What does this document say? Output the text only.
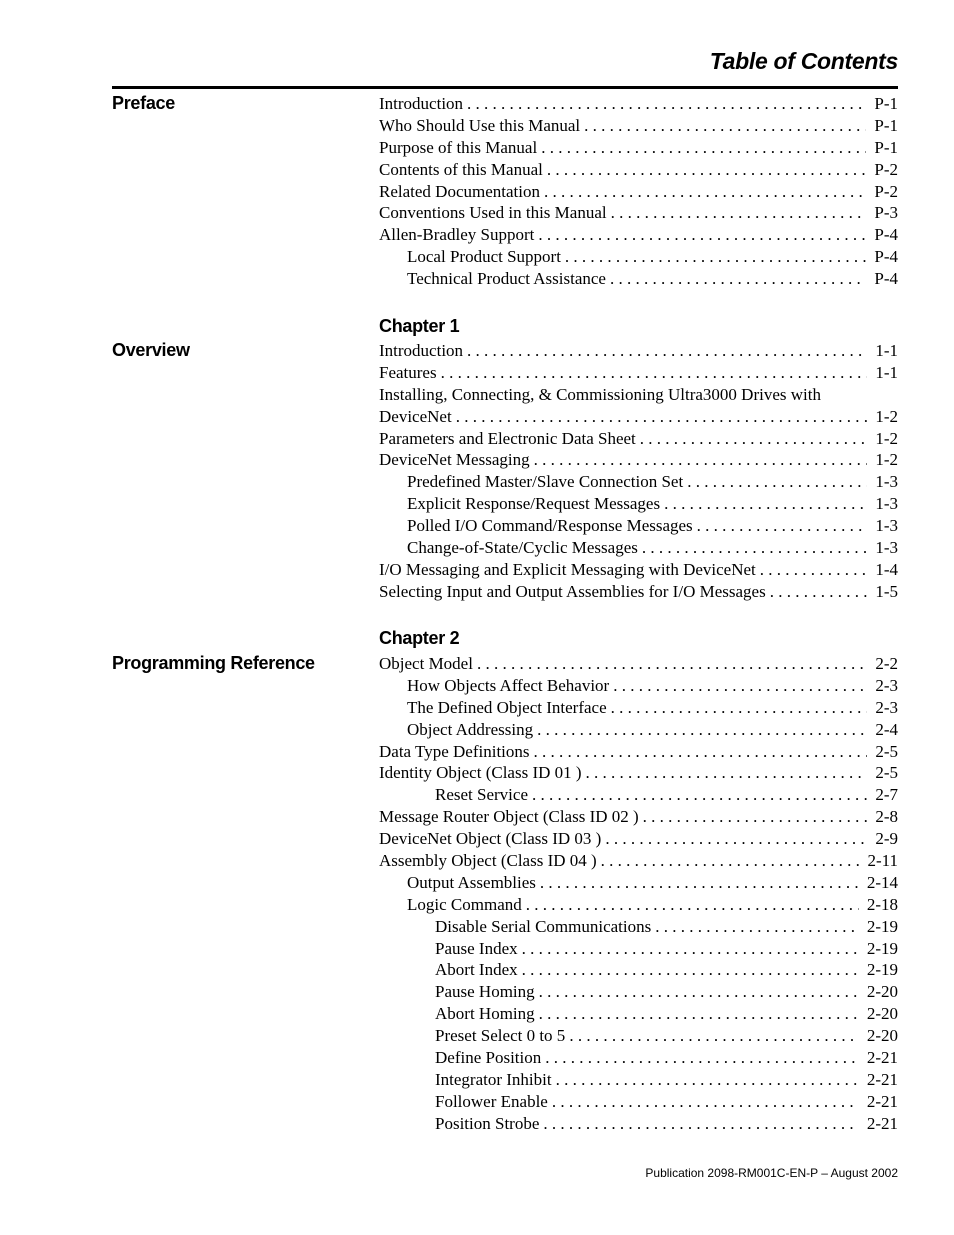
Table of Contents
Preface	Introduction . . .	P-1
Who Should Use this Manual . . .	P-1
Purpose of this Manual . . .	P-1
Contents of this Manual . . .	P-2
Related Documentation . . .	P-2
Conventions Used in this Manual . . .	P-3
Allen-Bradley Support . . .	P-4
Local Product Support . . .	P-4
Technical Product Assistance . . .	P-4
Chapter 1
Overview	Introduction . . .	1-1
Features . . .	1-1
Installing, Connecting, & Commissioning Ultra3000 Drives with
DeviceNet . . .	1-2
Parameters and Electronic Data Sheet . . .	1-2
DeviceNet Messaging . . .	1-2
Predefined Master/Slave Connection Set . . .	1-3
Explicit Response/Request Messages . . .	1-3
Polled I/O Command/Response Messages . . .	1-3
Change-of-State/Cyclic Messages . . .	1-3
I/O Messaging and Explicit Messaging with DeviceNet . . .	1-4
Selecting Input and Output Assemblies for I/O Messages . . .	1-5
Chapter 2
Programming Reference	Object Model . . .	2-2
How Objects Affect Behavior . . .	2-3
The Defined Object Interface . . .	2-3
Object Addressing . . .	2-4
Data Type Definitions . . .	2-5
Identity Object (Class ID 01 ) . . .	2-5
Reset Service . . .	2-7
Message Router Object (Class ID 02 ) . . .	2-8
DeviceNet Object (Class ID 03 ) . . .	2-9
Assembly Object (Class ID 04 ) . . .	2-11
Output Assemblies . . .	2-14
Logic Command . . .	2-18
Disable Serial Communications . . .	2-19
Pause Index . . .	2-19
Abort Index . . .	2-19
Pause Homing . . .	2-20
Abort Homing . . .	2-20
Preset Select 0 to 5 . . .	2-20
Define Position . . .	2-21
Integrator Inhibit . . .	2-21
Follower Enable . . .	2-21
Position Strobe . . .	2-21
Publication 2098-RM001C-EN-P – August 2002
